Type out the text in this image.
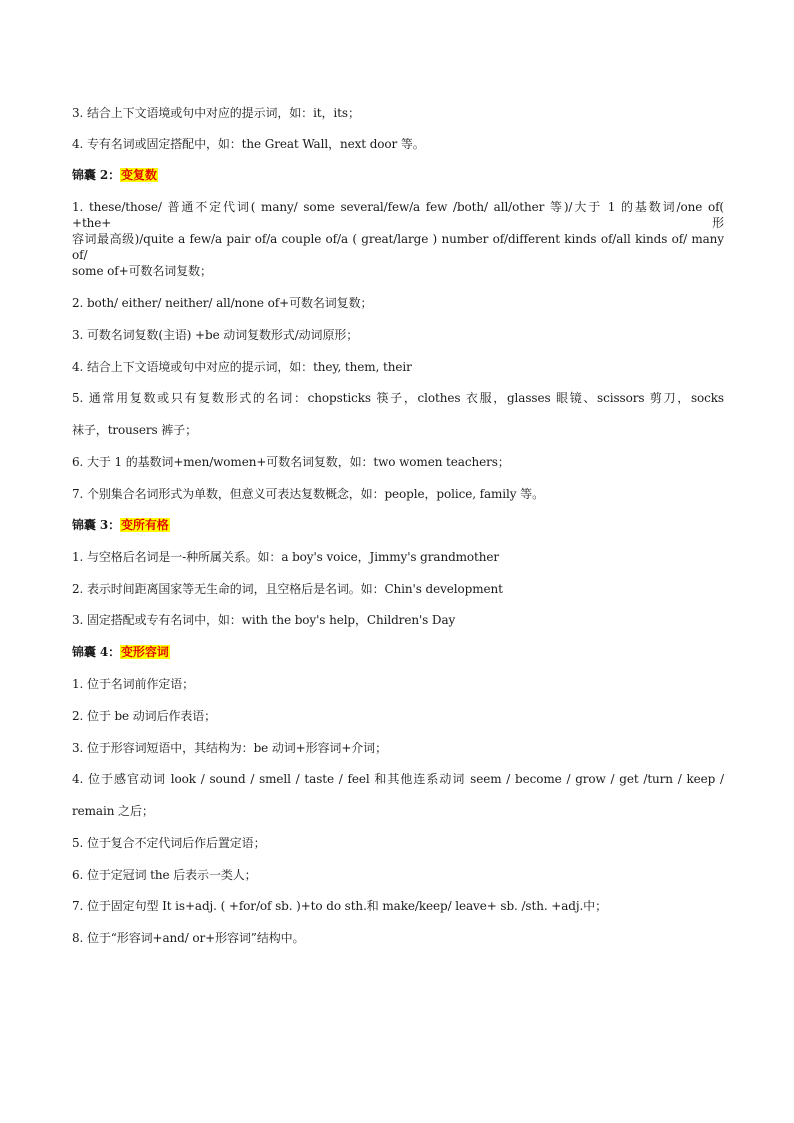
3. 结合上下文语境或句中对应的提示词，如：it，its；
4. 专有名词或固定搭配中，如：the Great Wall，next door 等。
锦囊 2：变复数
1. these/those/ 普通不定代词( many/ some several/few/a few /both/ all/other 等)/大于 1 的基数词/one of( +the+形
容词最高级)/quite a few/a pair of/a couple of/a ( great/large ) number of/different kinds of/all kinds of/ many of/
some of+可数名词复数；
2. both/ either/ neither/ all/none of+可数名词复数；
3. 可数名词复数(主语) +be 动词复数形式/动词原形；
4. 结合上下文语境或句中对应的提示词，如：they, them, their
5. 通常用复数或只有复数形式的名词：chopsticks 筷子，clothes 衣服，glasses 眼镜、scissors 剪刀，socks
袜子，trousers 裤子；
6. 大于 1 的基数词+men/women+可数名词复数，如：two women teachers；
7. 个别集合名词形式为单数，但意义可表达复数概念，如：people，police, family 等。
锦囊 3：变所有格
1. 与空格后名词是一-种所属关系。如：a boy's voice，Jimmy's grandmother
2. 表示时间距离国家等无生命的词，且空格后是名词。如：Chin's development
3. 固定搭配或专有名词中，如：with the boy's help，Children's Day
锦囊 4：变形容词
1. 位于名词前作定语；
2. 位于 be 动词后作表语；
3. 位于形容词短语中，其结构为：be 动词+形容词+介词；
4. 位于感官动词 look / sound / smell / taste / feel 和其他连系动词 seem / become / grow / get /turn / keep /
remain 之后；
5. 位于复合不定代词后作后置定语；
6. 位于定冠词 the 后表示一类人；
7. 位于固定句型 It is+adj. ( +for/of sb. )+to do sth.和 make/keep/ leave+ sb. /sth. +adj.中；
8. 位于“形容词+and/ or+形容词”结构中。
